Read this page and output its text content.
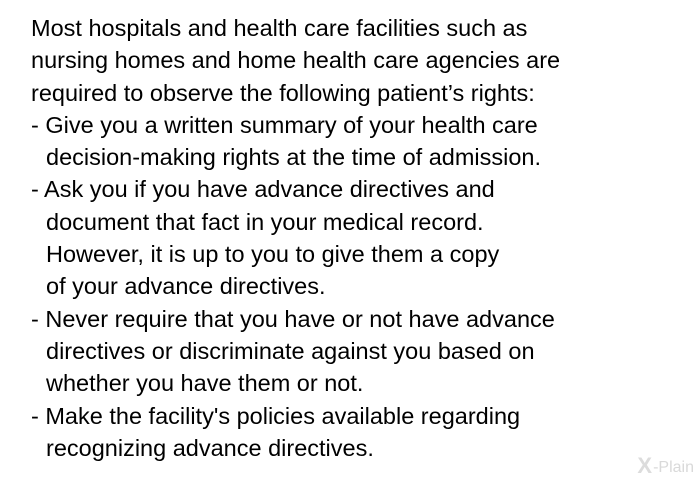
Most hospitals and health care facilities such as
nursing homes and home health care agencies are
required to observe the following patient’s rights:
- Give you a written summary of your health care
decision-making rights at the time of admission.
- Ask you if you have advance directives and
document that fact in your medical record.
However, it is up to you to give them a copy
of your advance directives.
- Never require that you have or not have advance
directives or discriminate against you based on
whether you have them or not.
- Make the facility's policies available regarding
recognizing advance directives.
X -Plain
